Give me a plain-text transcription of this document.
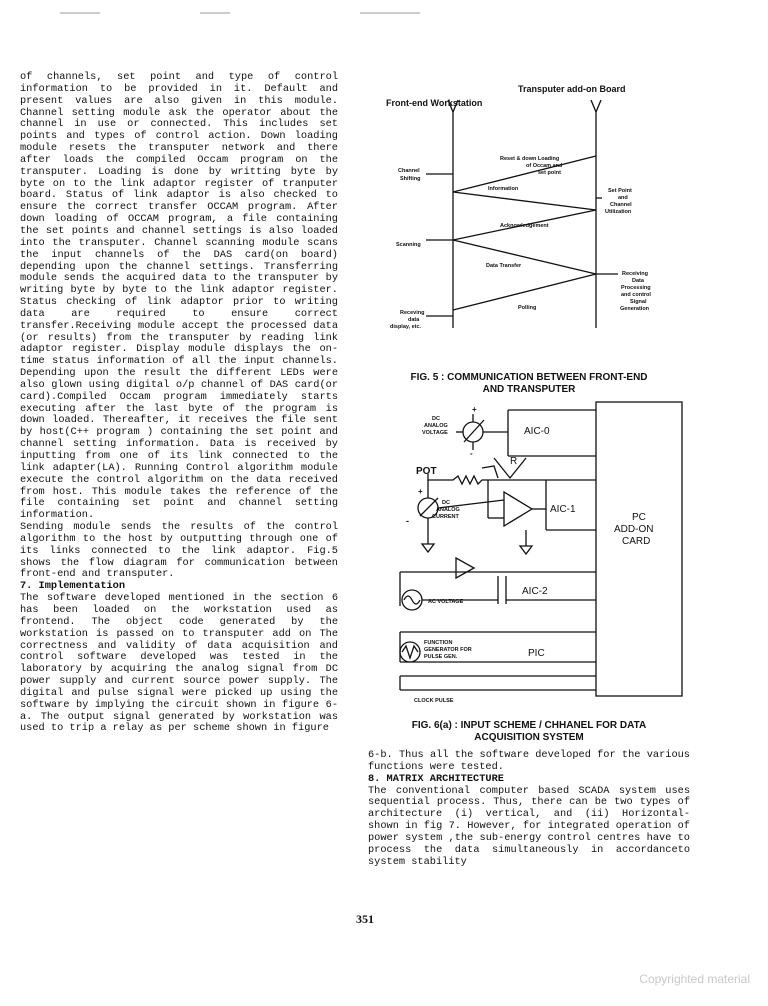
of channels, set point and type of control information to be provided in it. Default and present values are also given in this module. Channel setting module ask the operator about the channel in use or connected. This includes set points and types of control action. Down loading module resets the transputer network and there after loads the compiled Occam program on the transputer. Loading is done by writting byte by byte on to the link adaptor register of tranputer board. Status of link adaptor is also checked to ensure the correct transfer OCCAM program. After down loading of OCCAM program, a file containing the set points and channel settings is also loaded into the transputer. Channel scanning module scans the input channels of the DAS card(on board) depending upon the channel settings. Transferring module sends the acquired data to the transputer by writing byte by byte to the link adaptor register. Status checking of link adaptor prior to writing data are required to ensure correct transfer.Receiving module accept the processed data (or results) from the transputer by reading link adaptor register. Display module displays the on-time status information of all the input channels. Depending upon the result the different LEDs were also glown using digital o/p channel of DAS card(or card).Compiled Occam program immediately starts executing after the last byte of the program is down loaded. Thereafter, it receives the file sent by host(C++ program ) containing the set point and channel setting information. Data is received by inputting from one of its link connected to the link adapter(LA). Running Control algorithm module execute the control algorithm on the data received from host. This module takes the reference of the file containing set point and channel setting information.

Sending module sends the results of the control algorithm to the host by outputting through one of its links connected to the link adaptor. Fig.5 shows the flow diagram for communication between front-end and transputer.

7. Implementation

The software developed mentioned in the section 6 has been loaded on the workstation used as frontend. The object code generated by the workstation is passed on to transputer add on The correctness and validity of data acquisition and control software developed was tested in the laboratory by acquiring the analog signal from DC power supply and current source power supply. The digital and pulse signal were picked up using the software by implying the circuit shown in figure 6-a. The output signal generated by workstation was used to trip a relay as per scheme shown in figure

Transputer add-on Board
Front-end Workstation
Channel
Shifting
Scanning
Receving
data
display, etc.
Reset & down Loading
of Occam and
set point
Information
Acknowledgement
Data Transfer
Polling
Set Point
and
Channel
Utilization
Receiving
Data
Processing
and control
Signal
Generation
FIG. 5 : COMMUNICATION BETWEEN FRONT-END
AND TRANSPUTER
+
DC
ANALOG
VOLTAGE
-
AIC-0
POT
R
+
DC
ANALOG
CURRENT
-
AIC-1
PC
ADD-ON
CARD
AIC-2
AC VOLTAGE
FUNCTION
GENERATOR FOR
PULSE GEN.	PIC
CLOCK PULSE
FIG. 6(a) : INPUT SCHEME / CHHANEL FOR DATA
ACQUISITION SYSTEM

6-b. Thus all the software developed for the various functions were tested.

8. MATRIX ARCHITECTURE

The conventional computer based SCADA system uses sequential process. Thus, there can be two types of architecture (i) vertical, and (ii) Horizontal- shown in fig 7. However, for integrated operation of power system ,the sub-energy control centres have to process the data simultaneously in accordanceto system stability

351
Copyrighted material
